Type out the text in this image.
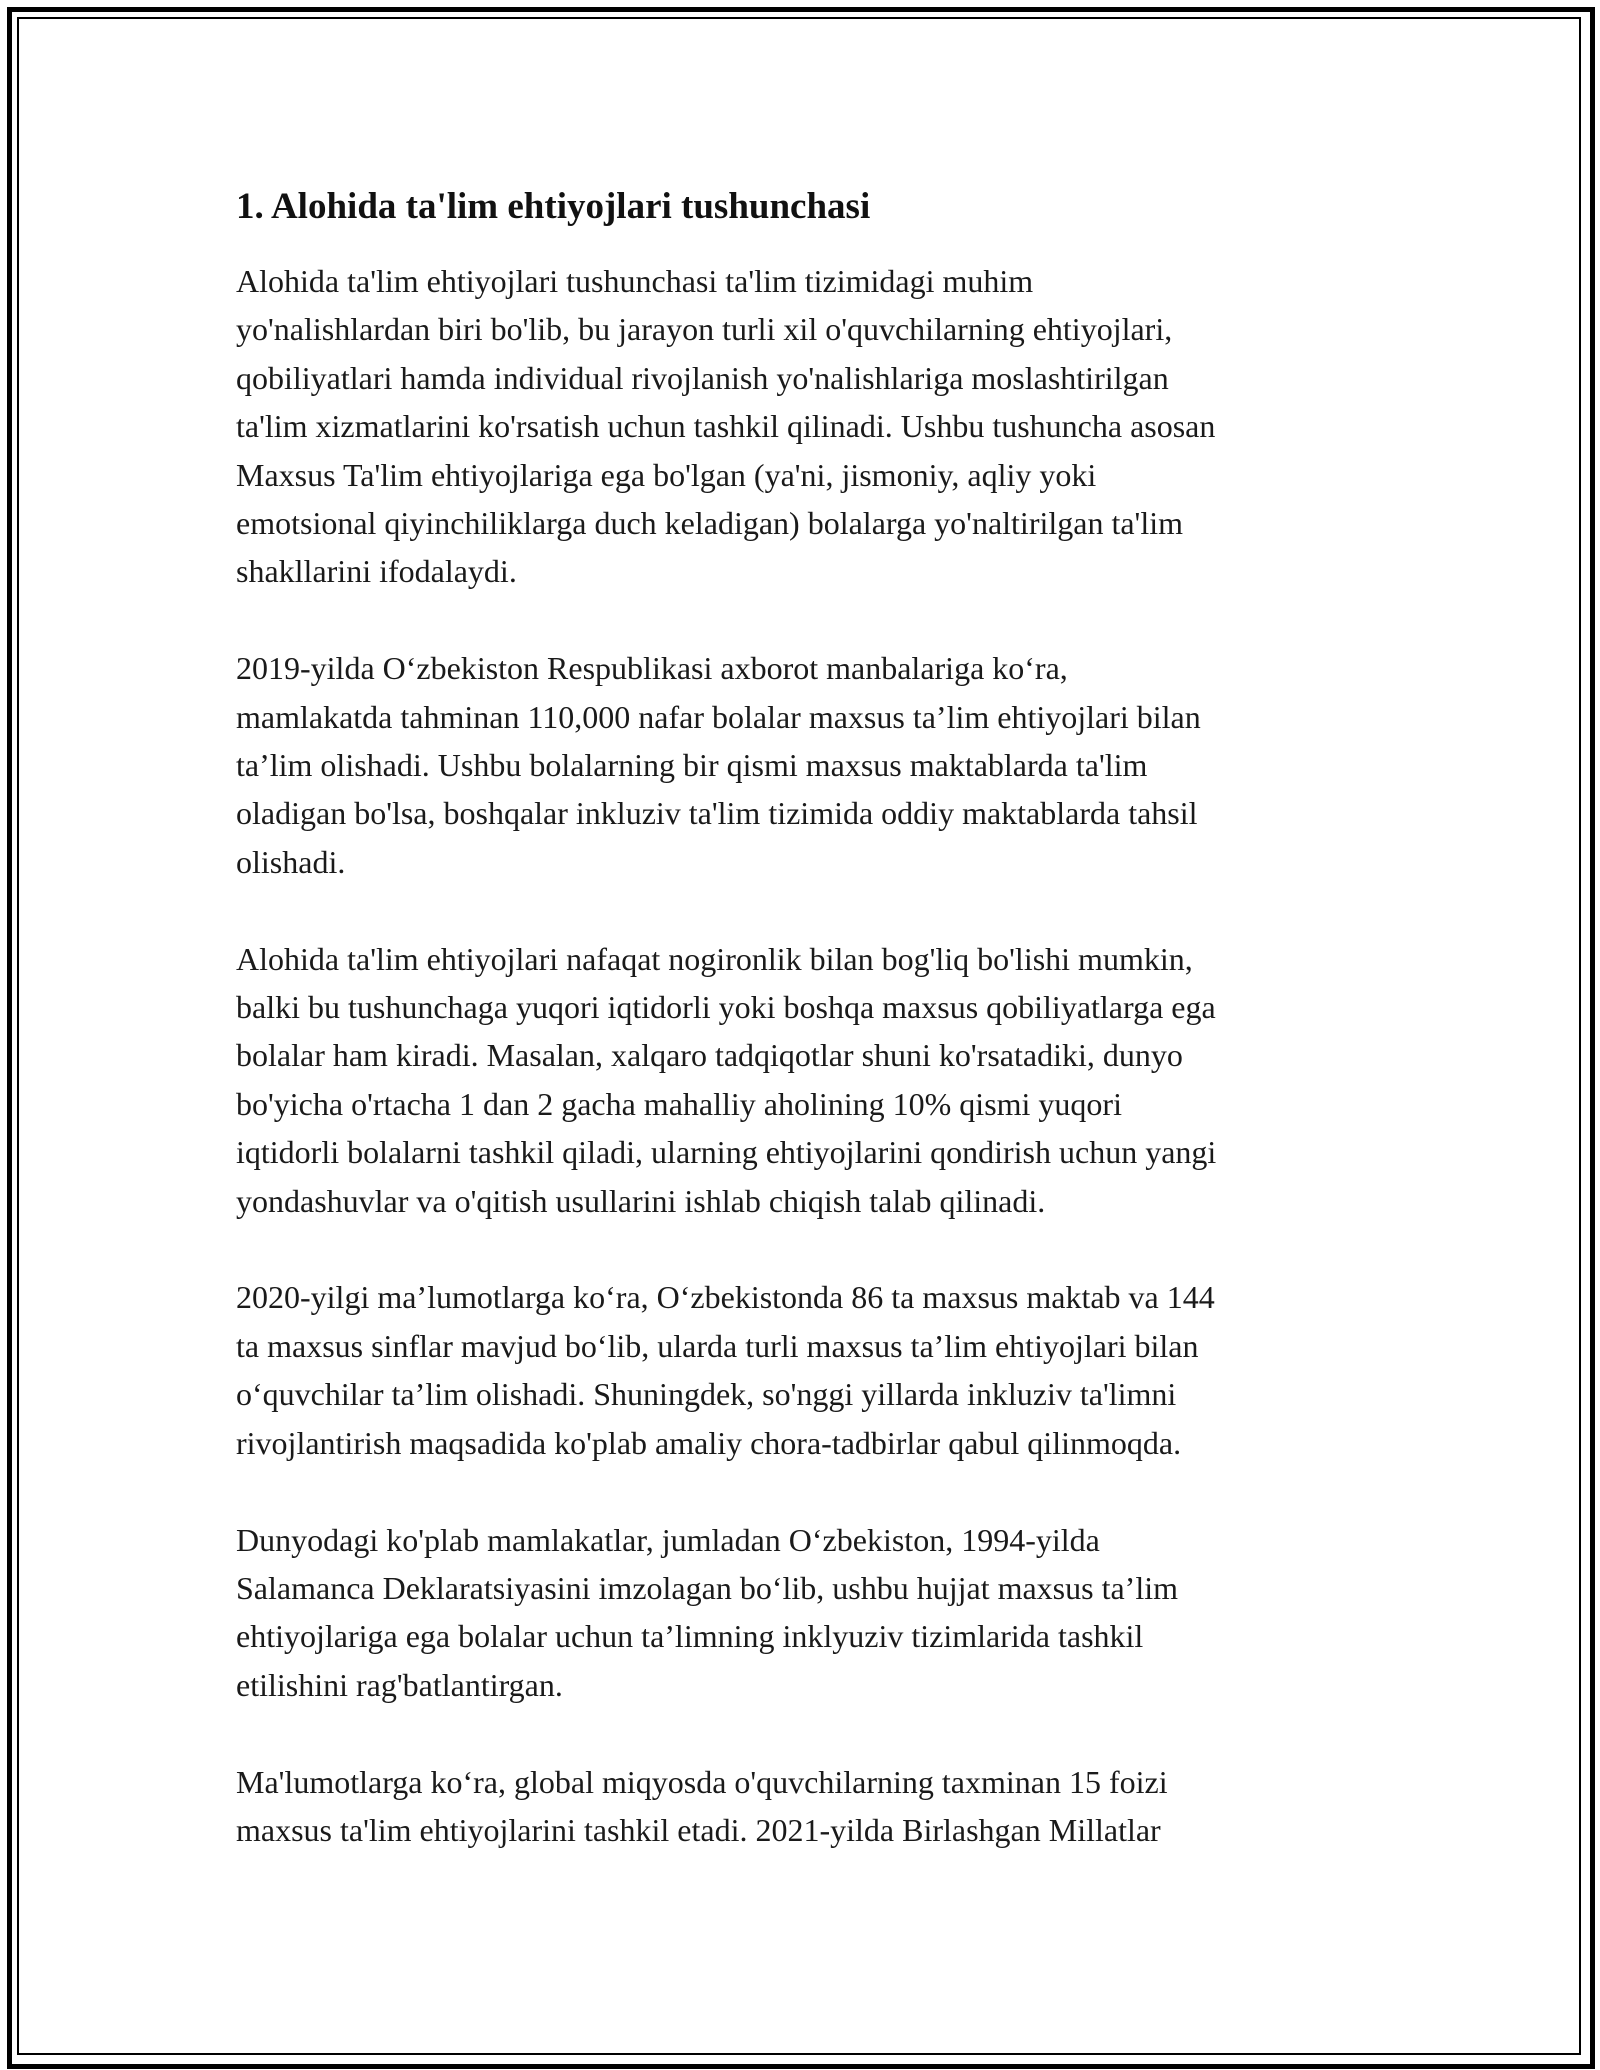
1. Alohida ta'lim ehtiyojlari tushunchasi
Alohida ta'lim ehtiyojlari tushunchasi ta'lim tizimidagi muhim
yo'nalishlardan biri bo'lib, bu jarayon turli xil o'quvchilarning ehtiyojlari,
qobiliyatlari hamda individual rivojlanish yo'nalishlariga moslashtirilgan
ta'lim xizmatlarini ko'rsatish uchun tashkil qilinadi. Ushbu tushuncha asosan
Maxsus Ta'lim ehtiyojlariga ega bo'lgan (ya'ni, jismoniy, aqliy yoki
emotsional qiyinchiliklarga duch keladigan) bolalarga yo'naltirilgan ta'lim
shakllarini ifodalaydi.
2019-yilda O‘zbekiston Respublikasi axborot manbalariga ko‘ra,
mamlakatda tahminan 110,000 nafar bolalar maxsus ta’lim ehtiyojlari bilan
ta’lim olishadi. Ushbu bolalarning bir qismi maxsus maktablarda ta'lim
oladigan bo'lsa, boshqalar inkluziv ta'lim tizimida oddiy maktablarda tahsil
olishadi.
Alohida ta'lim ehtiyojlari nafaqat nogironlik bilan bog'liq bo'lishi mumkin,
balki bu tushunchaga yuqori iqtidorli yoki boshqa maxsus qobiliyatlarga ega
bolalar ham kiradi. Masalan, xalqaro tadqiqotlar shuni ko'rsatadiki, dunyo
bo'yicha o'rtacha 1 dan 2 gacha mahalliy aholining 10% qismi yuqori
iqtidorli bolalarni tashkil qiladi, ularning ehtiyojlarini qondirish uchun yangi
yondashuvlar va o'qitish usullarini ishlab chiqish talab qilinadi.
2020-yilgi ma’lumotlarga ko‘ra, O‘zbekistonda 86 ta maxsus maktab va 144
ta maxsus sinflar mavjud bo‘lib, ularda turli maxsus ta’lim ehtiyojlari bilan
o‘quvchilar ta’lim olishadi. Shuningdek, so'nggi yillarda inkluziv ta'limni
rivojlantirish maqsadida ko'plab amaliy chora-tadbirlar qabul qilinmoqda.
Dunyodagi ko'plab mamlakatlar, jumladan O‘zbekiston, 1994-yilda
Salamanca Deklaratsiyasini imzolagan bo‘lib, ushbu hujjat maxsus ta’lim
ehtiyojlariga ega bolalar uchun ta’limning inklyuziv tizimlarida tashkil
etilishini rag'batlantirgan.
Ma'lumotlarga ko‘ra, global miqyosda o'quvchilarning taxminan 15 foizi
maxsus ta'lim ehtiyojlarini tashkil etadi. 2021-yilda Birlashgan Millatlar
